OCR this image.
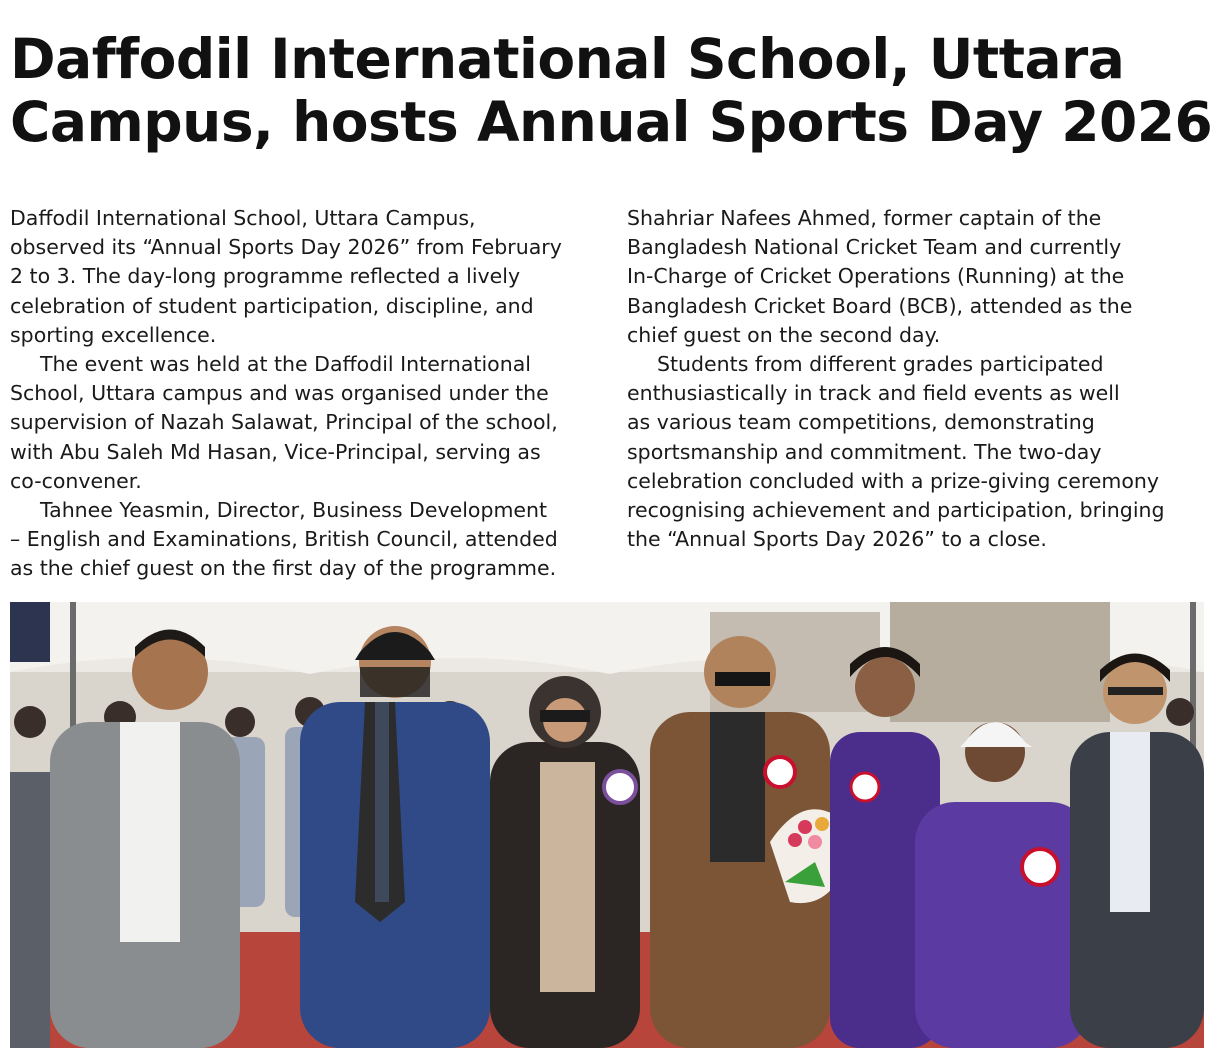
Daffodil International School, Uttara
Campus, hosts Annual Sports Day 2026
Daffodil International School, Uttara Campus,
observed its “Annual Sports Day 2026” from February
2 to 3. The day-long programme reflected a lively
celebration of student participation, discipline, and
sporting excellence.
The event was held at the Daffodil International
School, Uttara campus and was organised under the
supervision of Nazah Salawat, Principal of the school,
with Abu Saleh Md Hasan, Vice-Principal, serving as
co-convener.
Tahnee Yeasmin, Director, Business Development
– English and Examinations, British Council, attended
as the chief guest on the first day of the programme.
Shahriar Nafees Ahmed, former captain of the
Bangladesh National Cricket Team and currently
In-Charge of Cricket Operations (Running) at the
Bangladesh Cricket Board (BCB), attended as the
chief guest on the second day.
Students from different grades participated
enthusiastically in track and field events as well
as various team competitions, demonstrating
sportsmanship and commitment. The two-day
celebration concluded with a prize-giving ceremony
recognising achievement and participation, bringing
the “Annual Sports Day 2026” to a close.
